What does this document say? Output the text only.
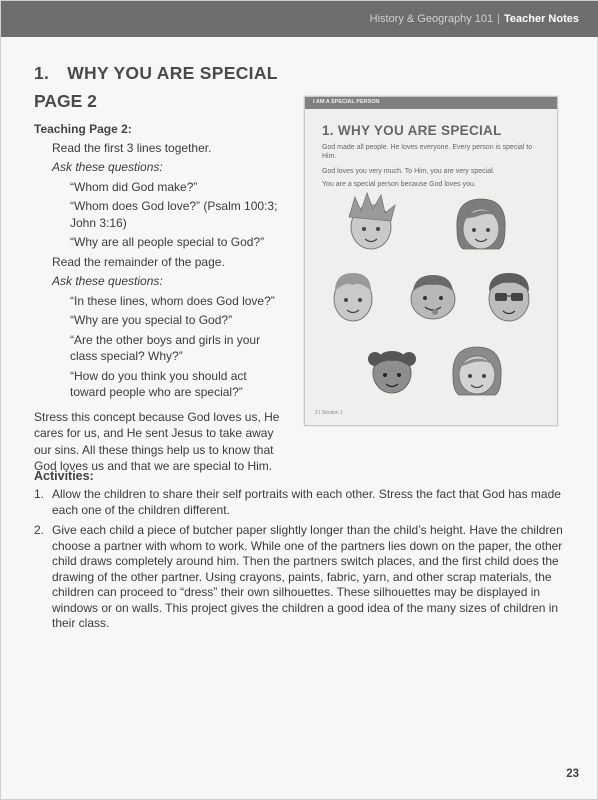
History & Geography 101 | Teacher Notes
1. WHY YOU ARE SPECIAL
PAGE 2
Teaching Page 2:
Read the first 3 lines together.
Ask these questions:
“Whom did God make?”
“Whom does God love?” (Psalm 100:3; John 3:16)
“Why are all people special to God?”
Read the remainder of the page.
Ask these questions:
“In these lines, whom does God love?”
“Why are you special to God?”
“Are the other boys and girls in your class special? Why?”
“How do you think you should act toward people who are special?”
Stress this concept because God loves us, He cares for us, and He sent Jesus to take away our sins. All these things help us to know that God loves us and that we are special to Him.
I AM A SPECIAL PERSON
1. WHY YOU ARE SPECIAL
God made all people. He loves everyone. Every person is special to Him.
God loves you very much. To Him, you are very special.
You are a special person because God loves you.
2 | Section 1
Activities:
1. Allow the children to share their self portraits with each other. Stress the fact that God has made each one of the children different.
2. Give each child a piece of butcher paper slightly longer than the child’s height. Have the children choose a partner with whom to work. While one of the partners lies down on the paper, the other child draws completely around him. Then the partners switch places, and the first child does the drawing of the other partner. Using crayons, paints, fabric, yarn, and other scrap materials, the children can proceed to “dress” their own silhouettes. These silhouettes may be displayed in windows or on walls. This project gives the children a good idea of the many sizes of children in their class.
23
